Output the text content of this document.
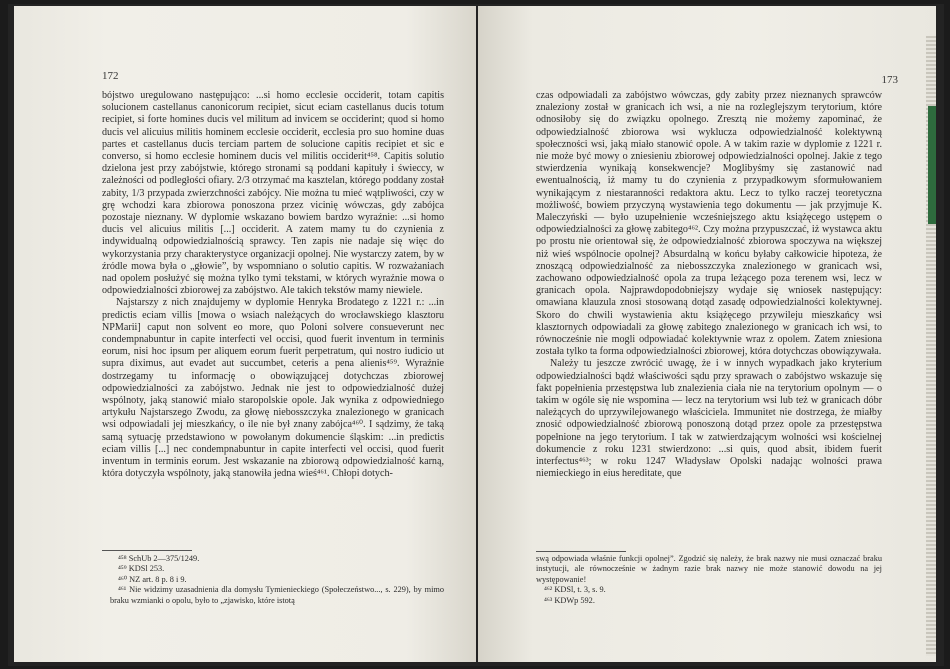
172

bójstwo uregulowano następująco: ...si homo ecclesie occiderit, totam capitis solucionem castellanus canonicorum recipiet, sicut eciam castellanus ducis totum recipiet, si forte homines ducis vel militum ad invicem se occiderint; quod si homo ducis vel alicuius militis hominem ecclesie occiderit, ecclesia pro suo homine duas partes et castellanus ducis terciam partem de solucione capitis recipiet et sic e converso, si homo ecclesie hominem ducis vel militis occiderit⁴⁵⁸. Capitis solutio dzielona jest przy zabójstwie, którego stronami są poddani kapituły i świeccy, w zależności od podległości ofiary. 2/3 otrzymać ma kasztelan, którego poddany został zabity, 1/3 przypada zwierzchności zabójcy. Nie można tu mieć wątpliwości, czy w grę wchodzi kara zbiorowa ponoszona przez vicinię wówczas, gdy zabójca pozostaje nieznany. W dyplomie wskazano bowiem bardzo wyraźnie: ...si homo ducis vel alicuius militis [...] occiderit. A zatem mamy tu do czynienia z indywidualną odpowiedzialnością sprawcy. Ten zapis nie nadaje się więc do wykorzystania przy charakterystyce organizacji opolnej. Nie wystarczy zatem, by w źródle mowa była o „głowie”, by wspomniano o solutio capitis. W rozważaniach nad opolem posłużyć się można tylko tymi tekstami, w których wyraźnie mowa o odpowiedzialności zbiorowej za zabójstwo. Ale takich tekstów mamy niewiele.

Najstarszy z nich znajdujemy w dyplomie Henryka Brodatego z 1221 r.: ...in predictis eciam villis [mowa o wsiach należących do wrocławskiego klasztoru NPMarii] caput non solvent eo more, quo Poloni solvere consueverunt nec condempnabuntur in capite interfecti vel occisi, quod fuerit inventum in terminis eorum, nisi hoc ipsum per aliquem eorum fuerit perpetratum, qui nostro iudicio ut supra diximus, aut evadet aut succumbet, ceteris a pena alienis⁴⁵⁹. Wyraźnie dostrzegamy tu informację o obowiązującej dotychczas zbiorowej odpowiedzialności za zabójstwo. Jednak nie jest to odpowiedzialność dużej wspólnoty, jaką stanowić miało staropolskie opole. Jak wynika z odpowiedniego artykułu Najstarszego Zwodu, za głowę niebosszczyka znalezionego w granicach wsi odpowiadali jej mieszkańcy, o ile nie był znany zabójca⁴⁶⁰. I sądzimy, że taką samą sytuację przedstawiono w powołanym dokumencie śląskim: ...in predictis eciam villis [...] nec condempnabuntur in capite interfecti vel occisi, quod fuerit inventum in terminis eorum. Jest wskazanie na zbiorową odpowiedzialność karną, która dotyczyła wspólnoty, jaką stanowiła jedna wieś⁴⁶¹. Chłopi dotych-

⁴⁵⁸ SchUb 2—375/1249.
⁴⁵⁹ KDSl 253.
⁴⁶⁰ NZ art. 8 p. 8 i 9.
⁴⁶¹ Nie widzimy uzasadnienia dla domysłu Tymienieckiego (Społeczeństwo..., s. 229), by mimo braku wzmianki o opolu, było to „zjawisko, które istotą
173

czas odpowiadali za zabójstwo wówczas, gdy zabity przez nieznanych sprawców znaleziony został w granicach ich wsi, a nie na rozleglejszym terytorium, które odnosiłoby się do związku opolnego. Zresztą nie możemy zapominać, że odpowiedzialność zbiorowa wsi wyklucza odpowiedzialność kolektywną społeczności wsi, jaką miało stanowić opole. A w takim razie w dyplomie z 1221 r. nie może być mowy o zniesieniu zbiorowej odpowiedzialności opolnej. Jakie z tego stwierdzenia wynikają konsekwencje? Moglibyśmy się zastanowić nad ewentualnością, iż mamy tu do czynienia z przypadkowym sformułowaniem wynikającym z niestaranności redaktora aktu. Lecz to tylko raczej teoretyczna możliwość, bowiem przyczyną wystawienia tego dokumentu — jak przyjmuje K. Maleczyński — było uzupełnienie wcześniejszego aktu książęcego ustępem o odpowiedzialności za głowę zabitego⁴⁶². Czy można przypuszczać, iż wystawca aktu po prostu nie orientował się, że odpowiedzialność zbiorowa spoczywa na większej niż wieś wspólnocie opolnej? Absurdalną w końcu byłaby całkowicie hipoteza, że znoszącą odpowiedzialność za niebosszczyka znalezionego w granicach wsi, zachowano odpowiedzialność opola za trupa leżącego poza terenem wsi, lecz w granicach opola. Najprawdopodobniejszy wydaje się wniosek następujący: omawiana klauzula znosi stosowaną dotąd zasadę odpowiedzialności kolektywnej. Skoro do chwili wystawienia aktu książęcego przywileju mieszkańcy wsi klasztornych odpowiadali za głowę zabitego znalezionego w granicach ich wsi, to równocześnie nie mogli odpowiadać kolektywnie wraz z opolem. Zatem zniesiona została tylko ta forma odpowiedzialności zbiorowej, która dotychczas obowiązywała.

Należy tu jeszcze zwrócić uwagę, że i w innych wypadkach jako kryterium odpowiedzialności bądź właściwości sądu przy sprawach o zabójstwo wskazuje się fakt popełnienia przestępstwa lub znalezienia ciała nie na terytorium opolnym — o takim w ogóle się nie wspomina — lecz na terytorium wsi lub też w granicach dóbr należących do uprzywilejowanego właściciela. Immunitet nie dostrzega, że miałby znosić odpowiedzialność zbiorową ponoszoną dotąd przez opole za przestępstwa popełnione na jego terytorium. I tak w zatwierdzającym wolności wsi kościelnej dokumencie z roku 1231 stwierdzono: ...si quis, quod absit, ibidem fuerit interfectus⁴⁶³; w roku 1247 Władysław Opolski nadając wolności prawa niemieckiego in eius hereditate, que

swą odpowiada właśnie funkcji opolnej”. Zgodzić się należy, że brak nazwy nie musi oznaczać braku instytucji, ale równocześnie w żadnym razie brak nazwy nie może stanowić dowodu na jej występowanie!
⁴⁶² KDSl, t. 3, s. 9.
⁴⁶³ KDWp 592.
